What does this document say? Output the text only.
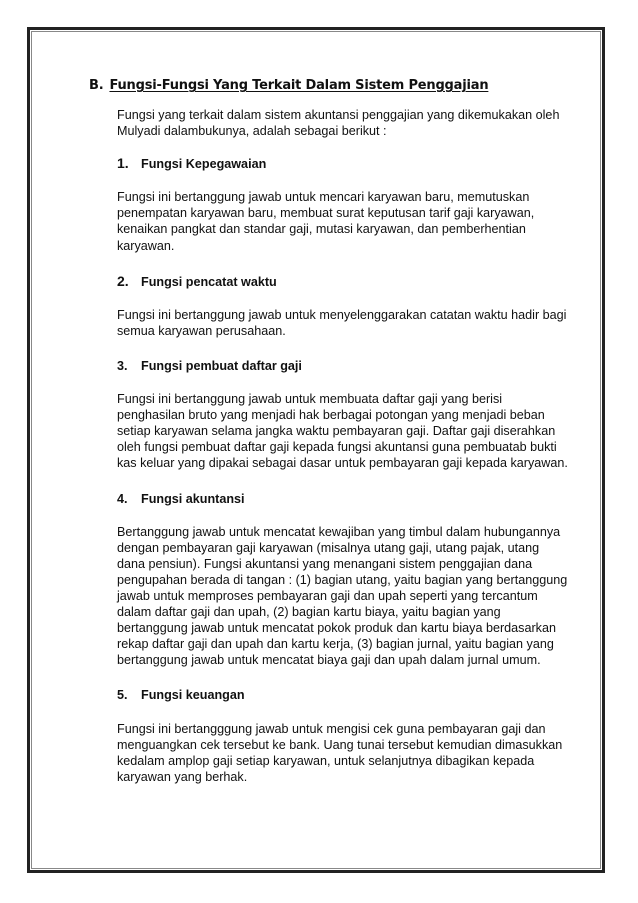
B. Fungsi-Fungsi Yang Terkait Dalam Sistem Penggajian

Fungsi yang terkait dalam sistem akuntansi penggajian yang dikemukakan oleh Mulyadi dalambukunya, adalah sebagai berikut :

1. Fungsi Kepegawaian

Fungsi ini bertanggung jawab untuk mencari karyawan baru, memutuskan penempatan karyawan baru, membuat surat keputusan tarif gaji karyawan, kenaikan pangkat dan standar gaji, mutasi karyawan, dan pemberhentian karyawan.

2. Fungsi pencatat waktu

Fungsi ini bertanggung jawab untuk menyelenggarakan catatan waktu hadir bagi semua karyawan perusahaan.

3.	Fungsi pembuat daftar gaji

Fungsi ini bertanggung jawab untuk membuata daftar gaji yang berisi penghasilan bruto yang menjadi hak berbagai potongan yang menjadi beban setiap karyawan selama jangka waktu pembayaran gaji. Daftar gaji diserahkan oleh fungsi pembuat daftar gaji kepada fungsi akuntansi guna pembuatab bukti kas keluar yang dipakai sebagai dasar untuk pembayaran gaji kepada karyawan.

4.	Fungsi akuntansi

Bertanggung jawab untuk mencatat kewajiban yang timbul dalam hubungannya dengan pembayaran gaji karyawan (misalnya utang gaji, utang pajak, utang dana pensiun). Fungsi akuntansi yang menangani sistem penggajian dana pengupahan berada di tangan : (1) bagian utang, yaitu bagian yang bertanggung jawab untuk memproses pembayaran gaji dan upah seperti yang tercantum dalam daftar gaji dan upah, (2) bagian kartu biaya, yaitu bagian yang bertanggung jawab untuk mencatat pokok produk dan kartu biaya berdasarkan rekap daftar gaji dan upah dan kartu kerja, (3) bagian jurnal, yaitu bagian yang bertanggung jawab untuk mencatat biaya gaji dan upah dalam jurnal umum.

5.	Fungsi keuangan

Fungsi ini bertangggung jawab untuk mengisi cek guna pembayaran gaji dan menguangkan cek tersebut ke bank. Uang tunai tersebut kemudian dimasukkan kedalam amplop gaji setiap karyawan, untuk selanjutnya dibagikan kepada karyawan yang berhak.
